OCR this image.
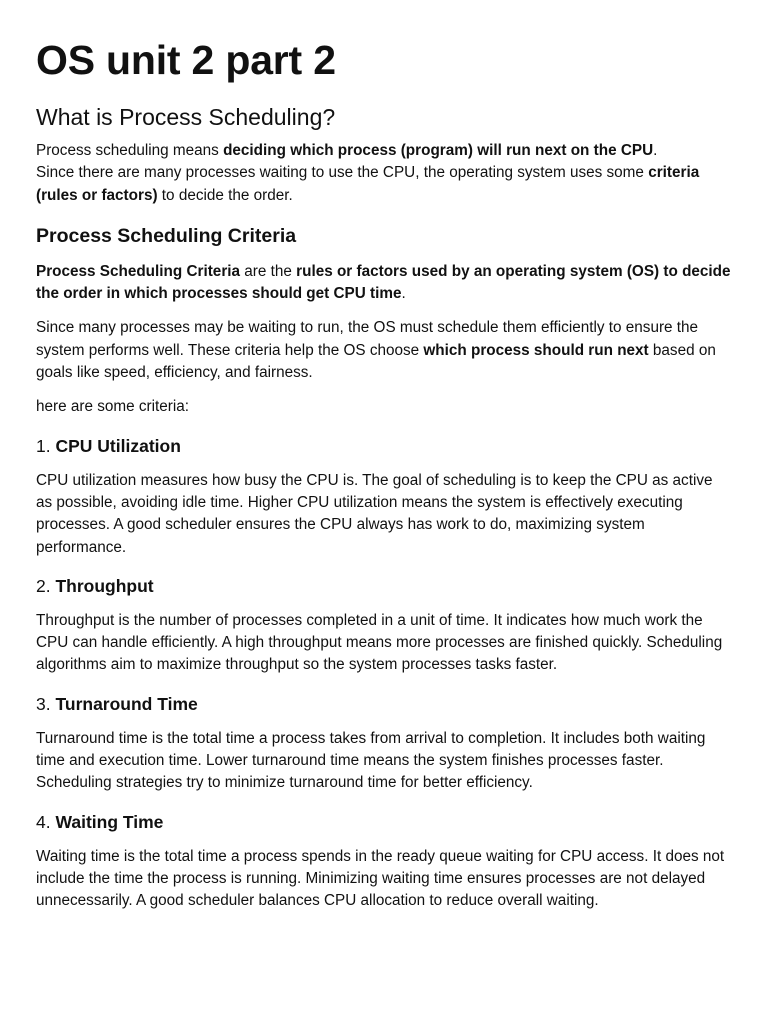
OS unit 2 part 2
What is Process Scheduling?

Process scheduling means deciding which process (program) will run next on the CPU.
Since there are many processes waiting to use the CPU, the operating system uses some criteria (rules or factors) to decide the order.

Process Scheduling Criteria

Process Scheduling Criteria are the rules or factors used by an operating system (OS) to decide the order in which processes should get CPU time.

Since many processes may be waiting to run, the OS must schedule them efficiently to ensure the system performs well. These criteria help the OS choose which process should run next based on goals like speed, efficiency, and fairness.

here are some criteria:

1. CPU Utilization

CPU utilization measures how busy the CPU is. The goal of scheduling is to keep the CPU as active as possible, avoiding idle time. Higher CPU utilization means the system is effectively executing processes. A good scheduler ensures the CPU always has work to do, maximizing system performance.

2. Throughput

Throughput is the number of processes completed in a unit of time. It indicates how much work the CPU can handle efficiently. A high throughput means more processes are finished quickly. Scheduling algorithms aim to maximize throughput so the system processes tasks faster.

3. Turnaround Time

Turnaround time is the total time a process takes from arrival to completion. It includes both waiting time and execution time. Lower turnaround time means the system finishes processes faster. Scheduling strategies try to minimize turnaround time for better efficiency.

4. Waiting Time

Waiting time is the total time a process spends in the ready queue waiting for CPU access. It does not include the time the process is running. Minimizing waiting time ensures processes are not delayed unnecessarily. A good scheduler balances CPU allocation to reduce overall waiting.
